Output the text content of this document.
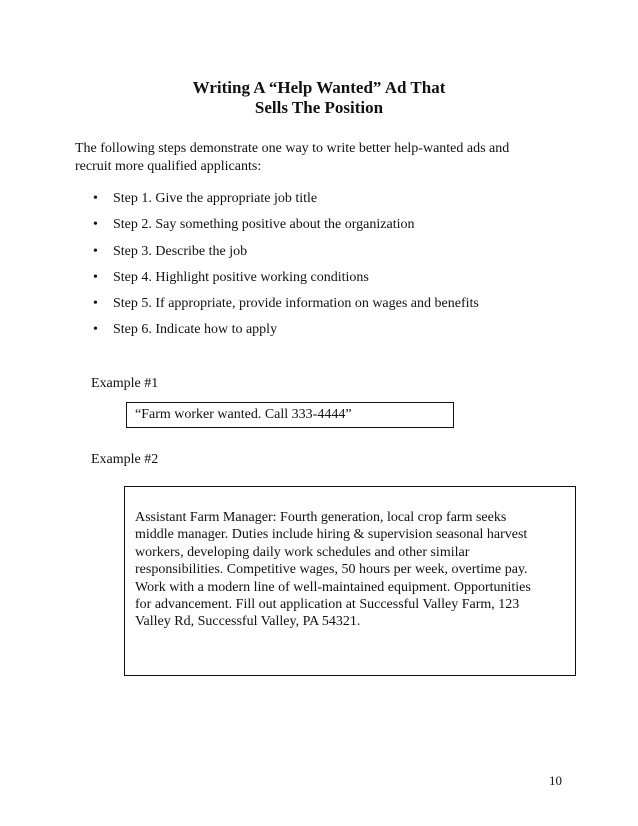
Writing A “Help Wanted” Ad That
Sells The Position
The following steps demonstrate one way to write better help-wanted ads and
recruit more qualified applicants:
• Step 1. Give the appropriate job title
• Step 2. Say something positive about the organization
• Step 3. Describe the job
• Step 4. Highlight positive working conditions
• Step 5. If appropriate, provide information on wages and benefits
• Step 6. Indicate how to apply
Example #1
“Farm worker wanted. Call 333-4444”
Example #2
Assistant Farm Manager: Fourth generation, local crop farm seeks
middle manager. Duties include hiring & supervision seasonal harvest
workers, developing daily work schedules and other similar
responsibilities. Competitive wages, 50 hours per week, overtime pay.
Work with a modern line of well-maintained equipment. Opportunities
for advancement. Fill out application at Successful Valley Farm, 123
Valley Rd, Successful Valley, PA 54321.
10
